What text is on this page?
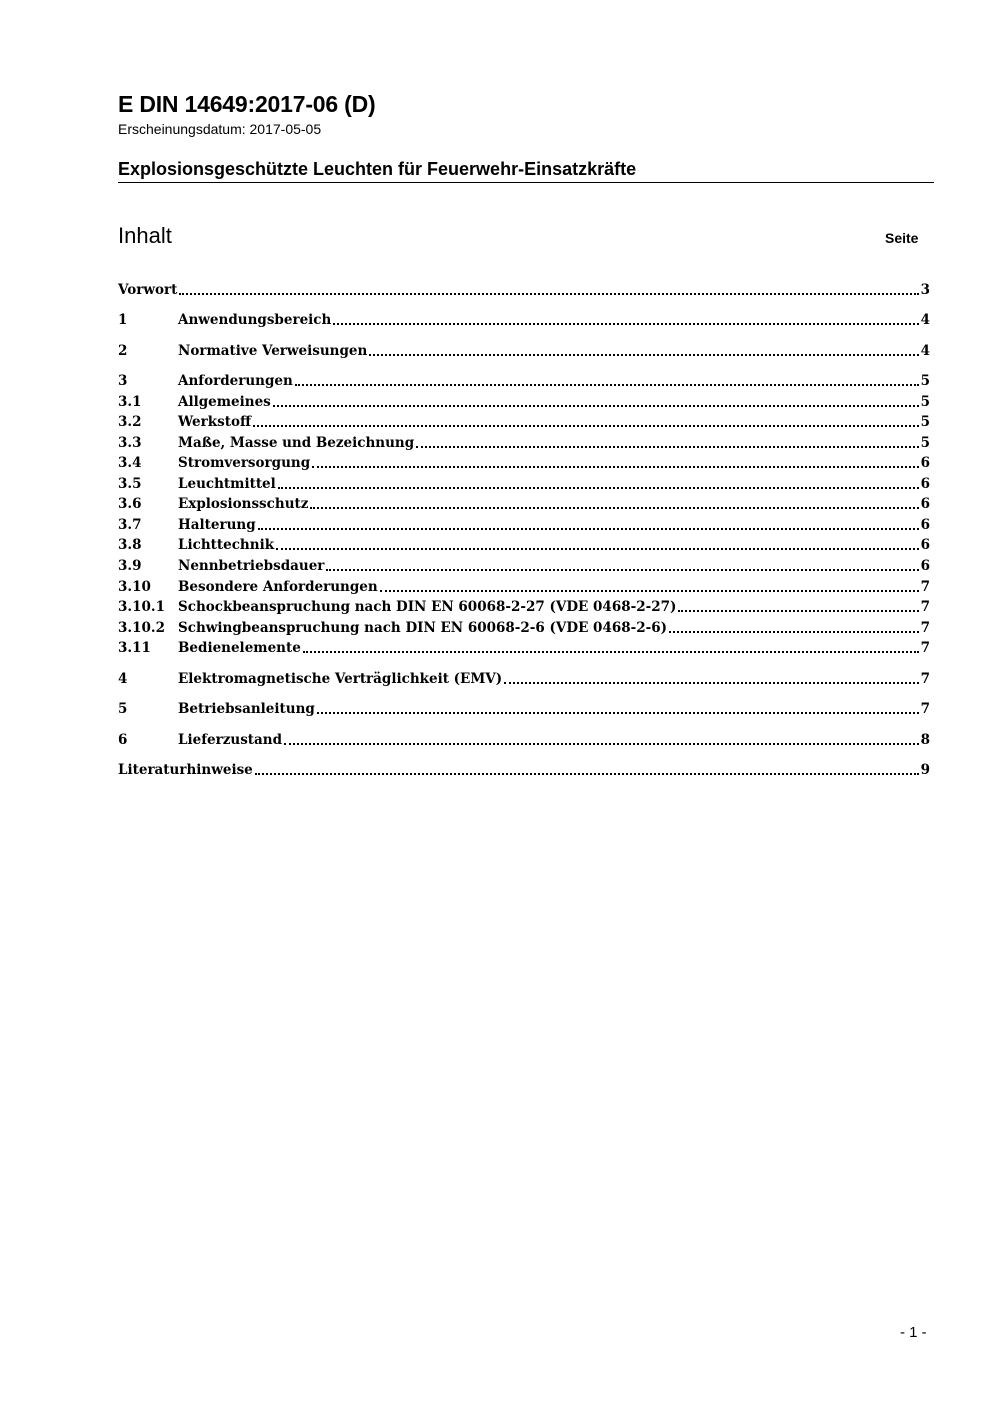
E DIN 14649:2017-06 (D)
Erscheinungsdatum: 2017-05-05
Explosionsgeschützte Leuchten für Feuerwehr-Einsatzkräfte
Inhalt	Seite
Vorwort	3
1	Anwendungsbereich	4
2	Normative Verweisungen	4
3	Anforderungen	5
3.1	Allgemeines	5
3.2	Werkstoff	5
3.3	Maße, Masse und Bezeichnung	5
3.4	Stromversorgung	6
3.5	Leuchtmittel	6
3.6	Explosionsschutz	6
3.7	Halterung	6
3.8	Lichttechnik	6
3.9	Nennbetriebsdauer	6
3.10	Besondere Anforderungen	7
3.10.1 Schockbeanspruchung nach DIN EN 60068-2-27 (VDE 0468-2-27)	7
3.10.2 Schwingbeanspruchung nach DIN EN 60068-2-6 (VDE 0468-2-6)	7
3.11	Bedienelemente	7
4	Elektromagnetische Verträglichkeit (EMV)	7
5	Betriebsanleitung	7
6	Lieferzustand	8
Literaturhinweise	9
- 1 -
